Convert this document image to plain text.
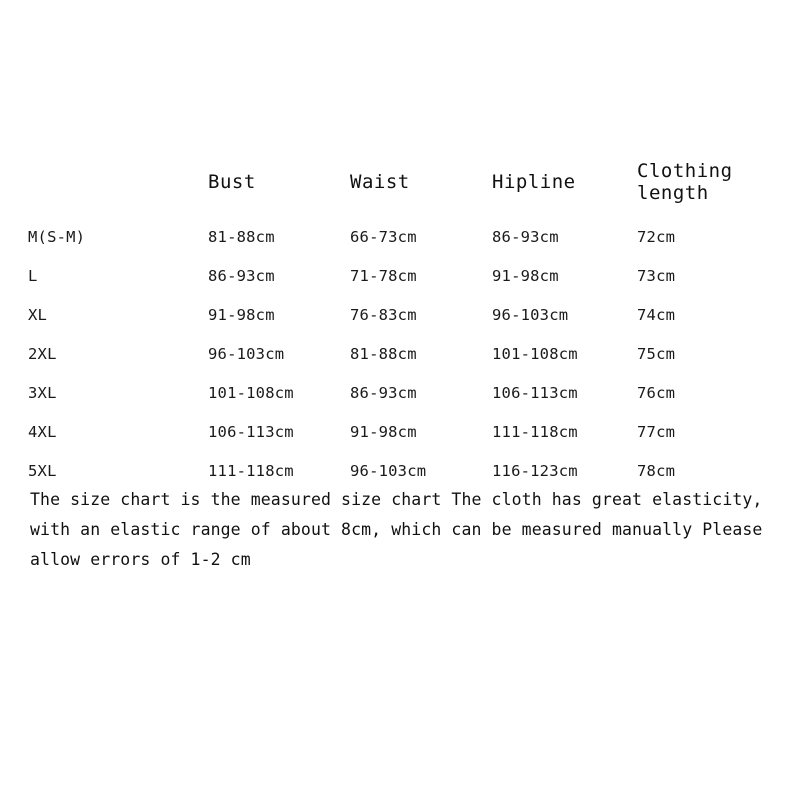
	Bust	Waist	Hipline	Clothing length
M(S-M)	81-88cm	66-73cm	86-93cm	72cm
L	86-93cm	71-78cm	91-98cm	73cm
XL	91-98cm	76-83cm	96-103cm	74cm
2XL	96-103cm	81-88cm	101-108cm	75cm
3XL	101-108cm	86-93cm	106-113cm	76cm
4XL	106-113cm	91-98cm	111-118cm	77cm
5XL	111-118cm	96-103cm	116-123cm	78cm
The size chart is the measured size chart The cloth has great elasticity, with an elastic range of about 8cm, which can be measured manually Please allow errors of 1-2 cm
